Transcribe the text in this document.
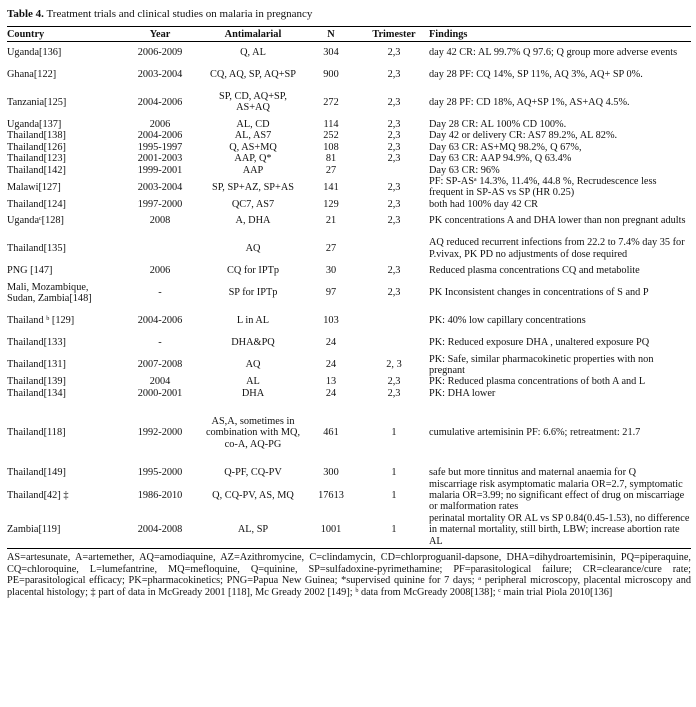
Table 4. Treatment trials and clinical studies on malaria in pregnancy
Country	Year	Antimalarial	N	Trimester	Findings
Uganda[136]	2006-2009	Q, AL	304	2,3	day 42 CR: AL 99.7% Q 97.6; Q group more adverse events
Ghana[122]	2003-2004	CQ, AQ, SP, AQ+SP	900	2,3	day 28 PF: CQ 14%, SP 11%, AQ 3%, AQ+ SP 0%.
Tanzania[125]	2004-2006	SP, CD, AQ+SP, AS+AQ	272	2,3	day 28 PF: CD 18%, AQ+SP 1%, AS+AQ 4.5%.
Uganda[137]	2006	AL, CD	114	2,3	Day 28 CR: AL 100% CD 100%.
Thailand[138]	2004-2006	AL, AS7	252	2,3	Day 42 or delivery CR: AS7 89.2%, AL 82%.
Thailand[126]	1995-1997	Q, AS+MQ	108	2,3	Day 63 CR: AS+MQ 98.2%, Q 67%,
Thailand[123]	2001-2003	AAP, Q*	81	2,3	Day 63 CR: AAP 94.9%, Q 63.4%
Thailand[142]	1999-2001	AAP	27		Day 63 CR: 96%
Malawi[127]	2003-2004	SP, SP+AZ, SP+AS	141	2,3	PF: SP-ASᵃ 14.3%, 11.4%, 44.8 %, Recrudescence less frequent in SP-AS vs SP (HR 0.25)
Thailand[124]	1997-2000	QC7, AS7	129	2,3	both had 100% day 42 CR
Ugandaᶜ[128]	2008	A, DHA	21	2,3	PK concentrations A and DHA lower than non pregnant adults
Thailand[135]		AQ	27		AQ reduced recurrent infections from 22.2 to 7.4% day 35 for P.vivax, PK PD no adjustments of dose required
PNG [147]	2006	CQ for IPTp	30	2,3	Reduced plasma concentrations CQ and metabolite
Mali, Mozambique, Sudan, Zambia[148]	-	SP for IPTp	97	2,3	PK Inconsistent changes in concentrations of S and P
Thailand ᵇ [129]	2004-2006	L in AL	103		PK: 40% low capillary concentrations
Thailand[133]	-	DHA&PQ	24		PK: Reduced exposure DHA , unaltered exposure PQ
Thailand[131]	2007-2008	AQ	24	2, 3	PK: Safe, similar pharmacokinetic properties with non pregnant
Thailand[139]	2004	AL	13	2,3	PK: Reduced plasma concentrations of both A and L
Thailand[134]	2000-2001	DHA	24	2,3	PK: DHA lower
Thailand[118]	1992-2000	AS,A, sometimes in combination with MQ, co-A, AQ-PG	461	1	cumulative artemisinin PF: 6.6%; retreatment: 21.7
Thailand[149]	1995-2000	Q-PF, CQ-PV	300	1	safe but more tinnitus and maternal anaemia for Q
Thailand[42] ‡	1986-2010	Q, CQ-PV, AS, MQ	17613	1	miscarriage risk asymptomatic malaria OR=2.7, symptomatic malaria OR=3.99; no significant effect of drug on miscarriage or malformation rates
Zambia[119]	2004-2008	AL, SP	1001	1	perinatal mortality OR AL vs SP 0.84(0.45-1.53), no difference in maternal mortality, still birth, LBW; increase abortion rate AL
AS=artesunate, A=artemether, AQ=amodiaquine, AZ=Azithromycine, C=clindamycin, CD=chlorproguanil-dapsone, DHA=dihydroartemisinin, PQ=piperaquine, CQ=chloroquine, L=lumefantrine, MQ=mefloquine, Q=quinine, SP=sulfadoxine-pyrimethamine; PF=parasitological failure; CR=clearance/cure rate; PE=parasitological efficacy; PK=pharmacokinetics; PNG=Papua New Guinea; *supervised quinine for 7 days; ᵃ peripheral microscopy, placental microscopy and placental histology; ‡ part of data in McGready 2001 [118], Mc Gready 2002 [149]; ᵇ data from McGready 2008[138]; ᶜ main trial Piola 2010[136]
